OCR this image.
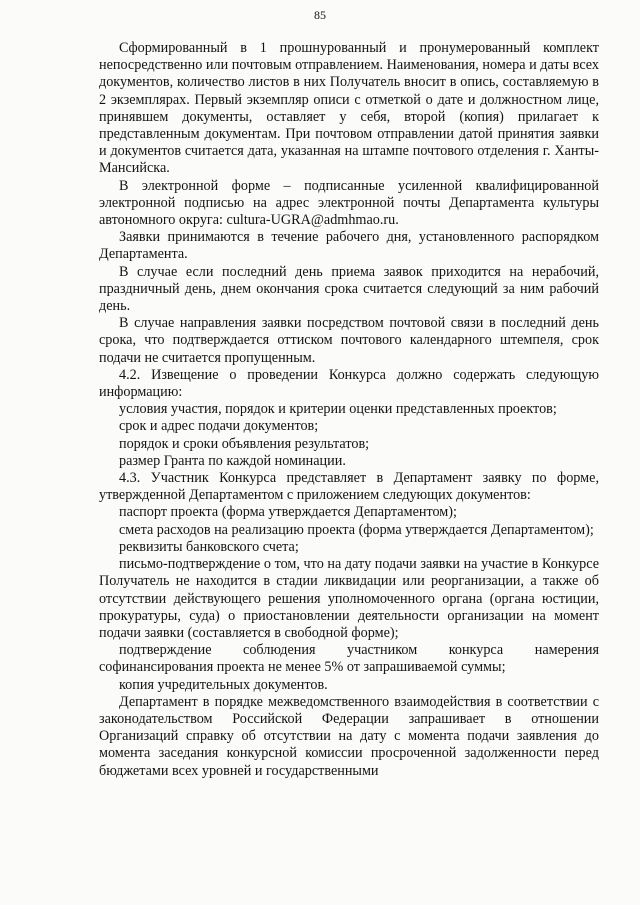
85

Сформированный в 1 прошнурованный и пронумерованный комплект непосредственно или почтовым отправлением. Наименования, номера и даты всех документов, количество листов в них Получатель вносит в опись, составляемую в 2 экземплярах. Первый экземпляр описи с отметкой о дате и должностном лице, принявшем документы, оставляет у себя, второй (копия) прилагает к представленным документам. При почтовом отправлении датой принятия заявки и документов считается дата, указанная на штампе почтового отделения г. Ханты-Мансийска.

В электронной форме – подписанные усиленной квалифицированной электронной подписью на адрес электронной почты Департамента культуры автономного округа: cultura-UGRA@admhmao.ru.

Заявки принимаются в течение рабочего дня, установленного распорядком Департамента.

В случае если последний день приема заявок приходится на нерабочий, праздничный день, днем окончания срока считается следующий за ним рабочий день.

В случае направления заявки посредством почтовой связи в последний день срока, что подтверждается оттиском почтового календарного штемпеля, срок подачи не считается пропущенным.

4.2. Извещение о проведении Конкурса должно содержать следующую информацию:

условия участия, порядок и критерии оценки представленных проектов;

срок и адрес подачи документов;

порядок и сроки объявления результатов;

размер Гранта по каждой номинации.

4.3. Участник Конкурса представляет в Департамент заявку по форме, утвержденной Департаментом с приложением следующих документов:

паспорт проекта (форма утверждается Департаментом);

смета расходов на реализацию проекта (форма утверждается Департаментом);

реквизиты банковского счета;

письмо-подтверждение о том, что на дату подачи заявки на участие в Конкурсе Получатель не находится в стадии ликвидации или реорганизации, а также об отсутствии действующего решения уполномоченного органа (органа юстиции, прокуратуры, суда) о приостановлении деятельности организации на момент подачи заявки (составляется в свободной форме);

подтверждение соблюдения участником конкурса намерения софинансирования проекта не менее 5% от запрашиваемой суммы;

копия учредительных документов.

Департамент в порядке межведомственного взаимодействия в соответствии с законодательством Российской Федерации запрашивает в отношении Организаций справку об отсутствии на дату с момента подачи заявления до момента заседания конкурсной комиссии просроченной задолженности перед бюджетами всех уровней и государственными
